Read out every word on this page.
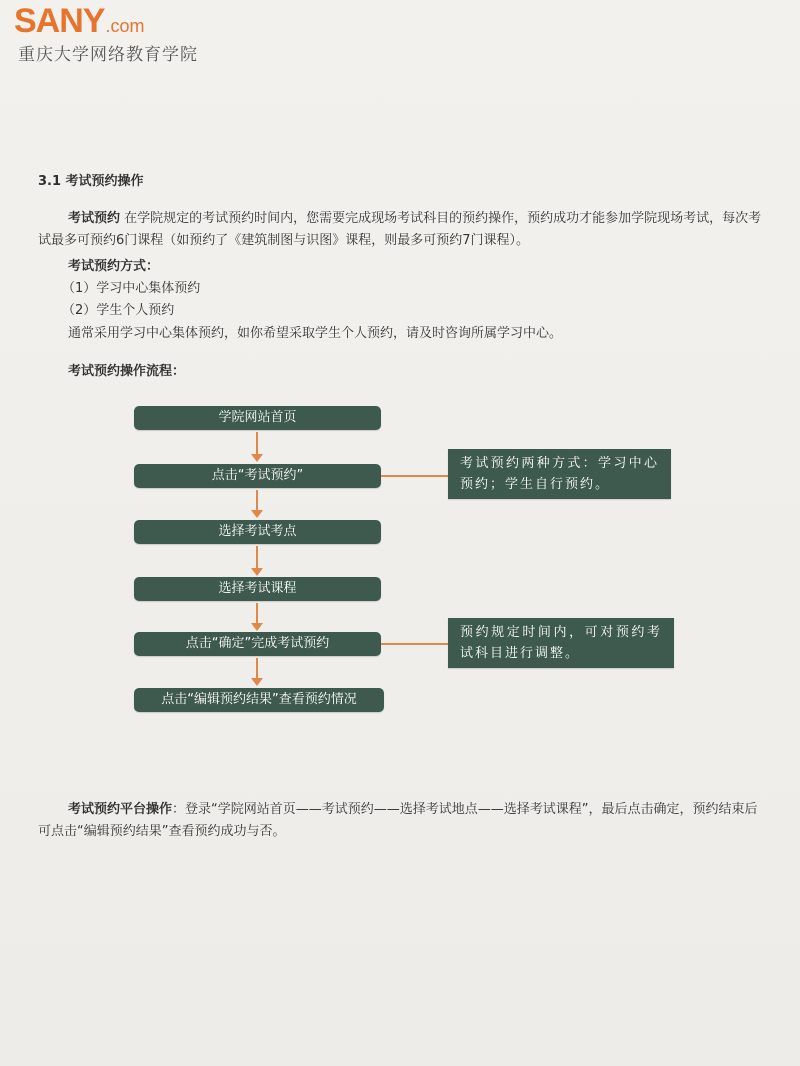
SANY.com
重庆大学网络教育学院
3.1 考试预约操作
考试预约 在学院规定的考试预约时间内，您需要完成现场考试科目的预约操作，预约成功才能参加学院现场考试，每次考试最多可预约6门课程（如预约了《建筑制图与识图》课程，则最多可预约7门课程）。
考试预约方式：
（1）学习中心集体预约
（2）学生个人预约
通常采用学习中心集体预约，如你希望采取学生个人预约，请及时咨询所属学习中心。
考试预约操作流程：
学院网站首页
点击“考试预约”
选择考试考点
选择考试课程
点击“确定”完成考试预约
点击“编辑预约结果”查看预约情况
考试预约两种方式：学习中心预约；学生自行预约。
预约规定时间内，可对预约考试科目进行调整。
考试预约平台操作：登录“学院网站首页——考试预约——选择考试地点——选择考试课程”，最后点击确定，预约结束后可点击“编辑预约结果”查看预约成功与否。
